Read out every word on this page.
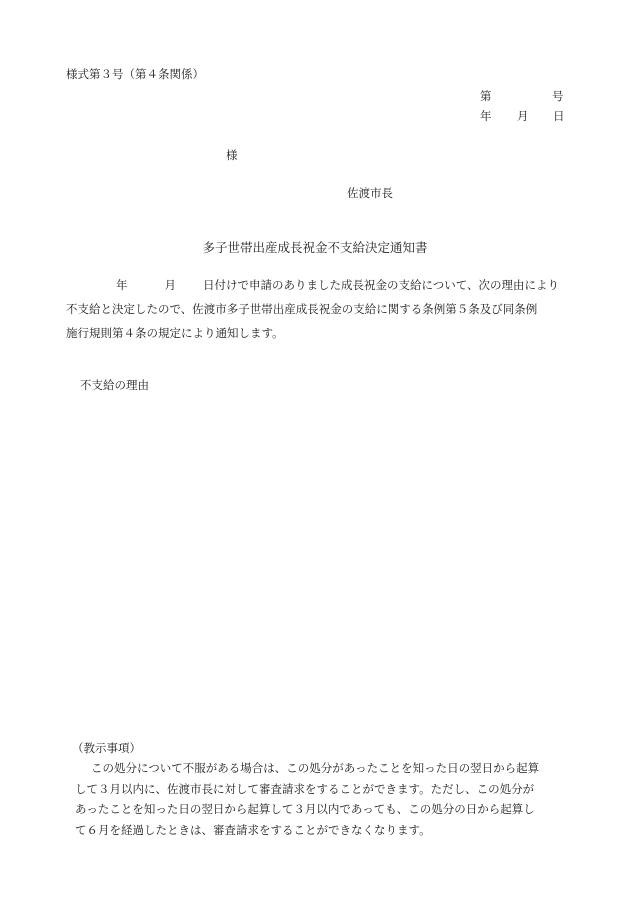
様式第３号（第４条関係）
第	号
年 月 日
様
佐渡市長
多子世帯出産成長祝金不支給決定通知書
年	月 日付けで申請のありました成長祝金の支給について、次の理由により
不支給と決定したので、佐渡市多子世帯出産成長祝金の支給に関する条例第５条及び同条例
施行規則第４条の規定により通知します。
不支給の理由
（教示事項）
この処分について不服がある場合は、この処分があったことを知った日の翌日から起算
して３月以内に、佐渡市長に対して審査請求をすることができます。ただし、この処分が
あったことを知った日の翌日から起算して３月以内であっても、この処分の日から起算し
て６月を経過したときは、審査請求をすることができなくなります。
